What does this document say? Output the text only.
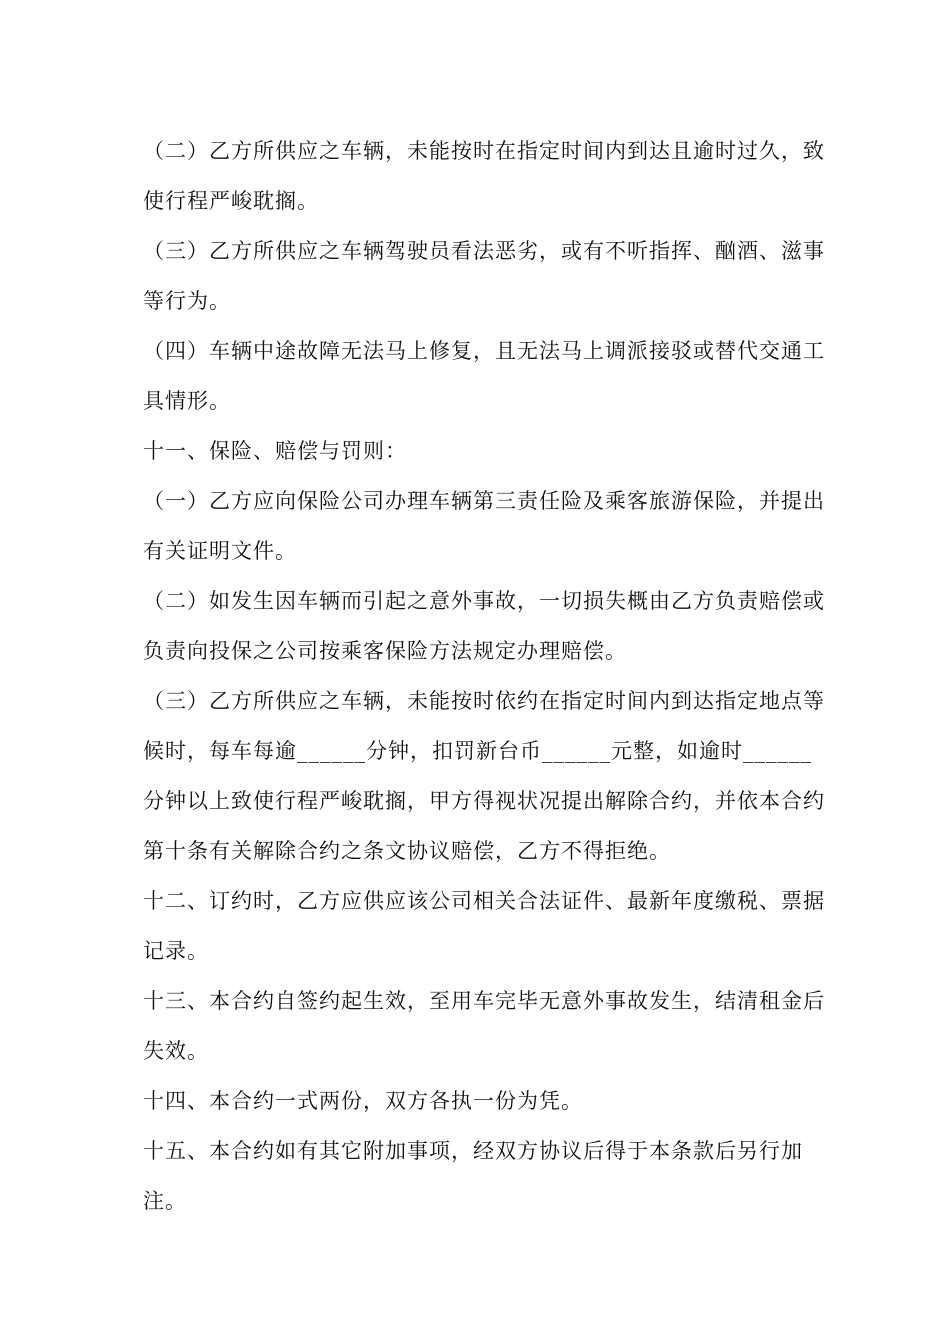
（二）乙方所供应之车辆，未能按时在指定时间内到达且逾时过久，致使行程严峻耽搁。

（三）乙方所供应之车辆驾驶员看法恶劣，或有不听指挥、酗酒、滋事等行为。

（四）车辆中途故障无法马上修复，且无法马上调派接驳或替代交通工具情形。

十一、保险、赔偿与罚则：

（一）乙方应向保险公司办理车辆第三责任险及乘客旅游保险，并提出有关证明文件。

（二）如发生因车辆而引起之意外事故，一切损失概由乙方负责赔偿或负责向投保之公司按乘客保险方法规定办理赔偿。

（三）乙方所供应之车辆，未能按时依约在指定时间内到达指定地点等候时，每车每逾______分钟，扣罚新台币______元整，如逾时______分钟以上致使行程严峻耽搁，甲方得视状况提出解除合约，并依本合约第十条有关解除合约之条文协议赔偿，乙方不得拒绝。

十二、订约时，乙方应供应该公司相关合法证件、最新年度缴税、票据记录。

十三、本合约自签约起生效，至用车完毕无意外事故发生，结清租金后失效。

十四、本合约一式两份，双方各执一份为凭。

十五、本合约如有其它附加事项，经双方协议后得于本条款后另行加注。
